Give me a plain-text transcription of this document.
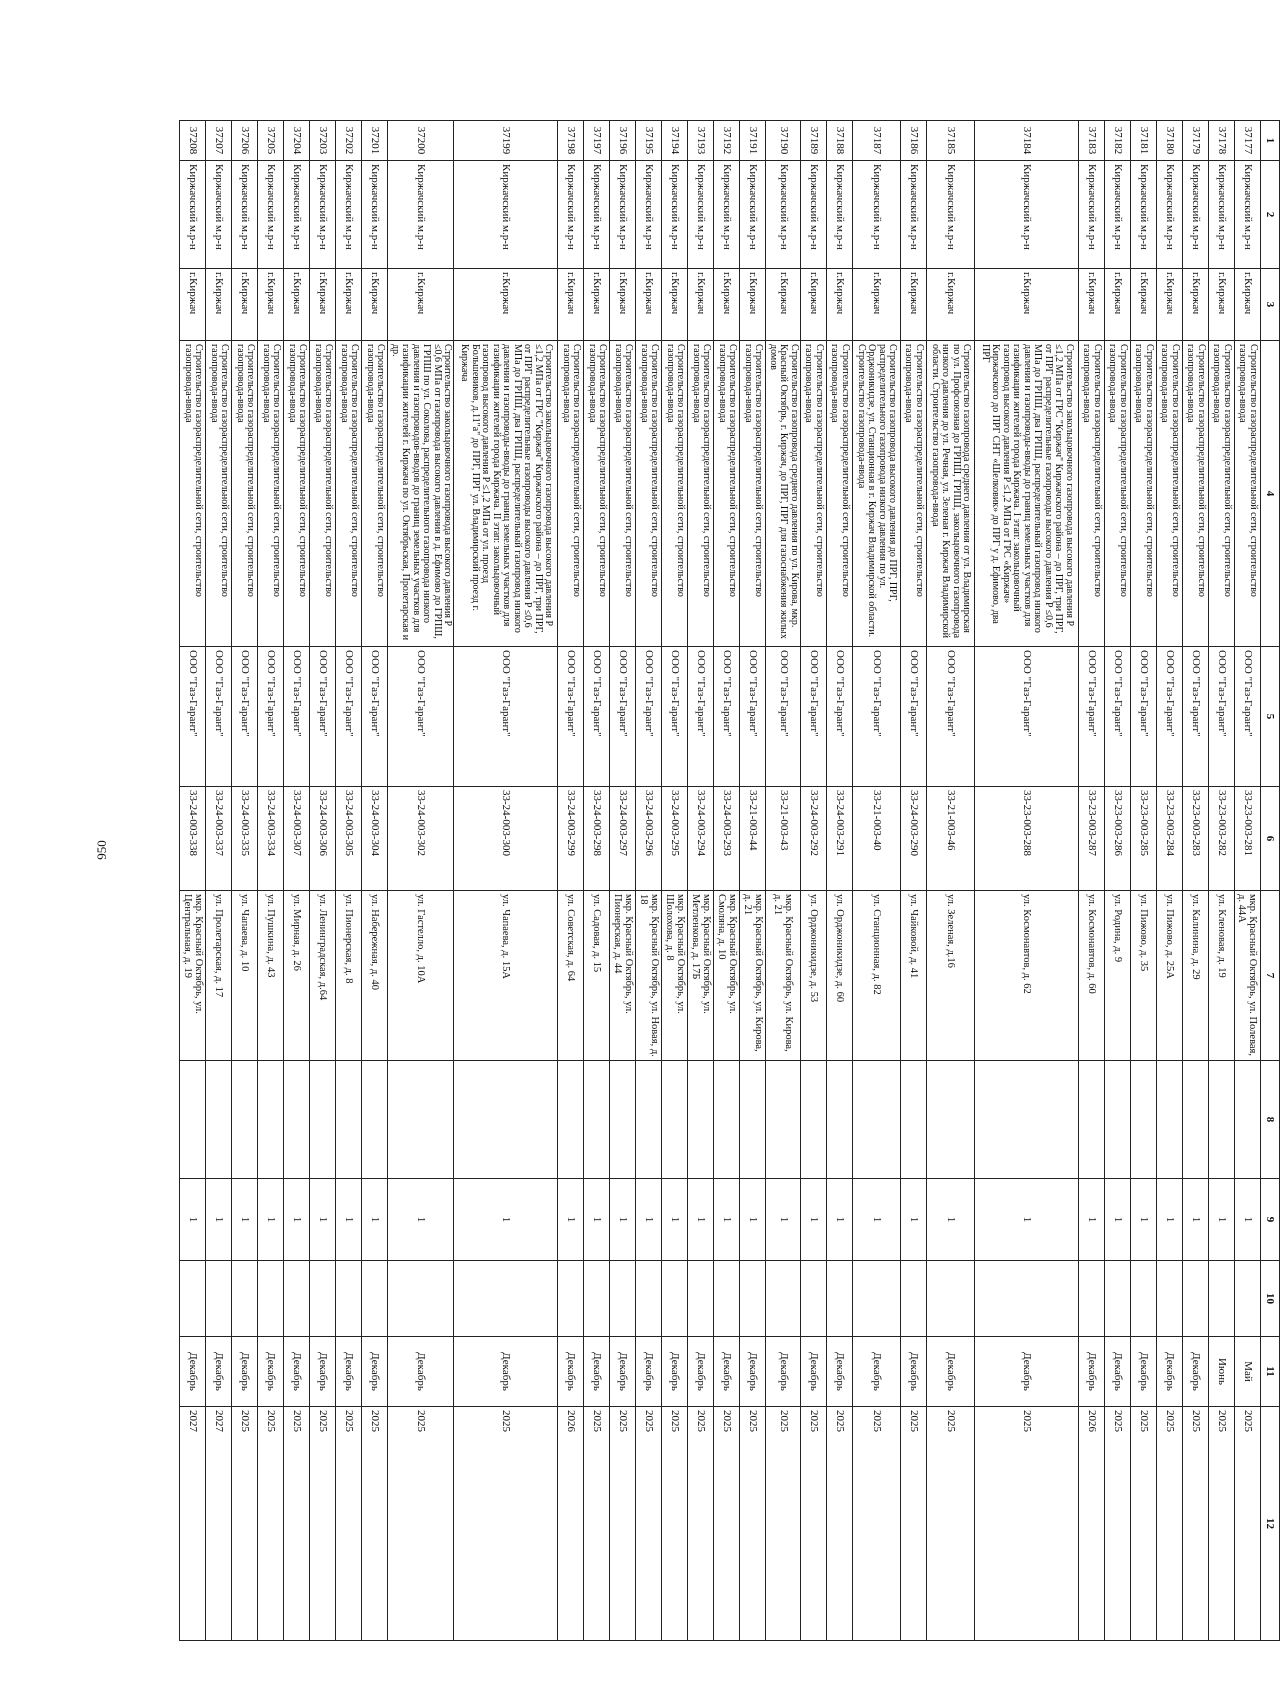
950
1	2	3	4	5	6	7	8	9	10	11	12
37177	Киржачский м.р-н	г.Киржач	Строительство газораспределительной сети, строительство газопровода-ввода	ООО "Газ-Гарант"	33-23-003-281	мкр. Красный Октябрь, ул. Полевая, д. 44А		1		Май	2025
37178	Киржачский м.р-н	г.Киржач	Строительство газораспределительной сети, строительство газопровода-ввода	ООО "Газ-Гарант"	33-23-003-282	ул. Кленовая, д. 19		1		Июнь	2025
37179	Киржачский м.р-н	г.Киржач	Строительство газораспределительной сети, строительство газопровода-ввода	ООО "Газ-Гарант"	33-23-003-283	ул. Калинина, д. 29		1		Декабрь	2025
37180	Киржачский м.р-н	г.Киржач	Строительство газораспределительной сети, строительство газопровода-ввода	ООО "Газ-Гарант"	33-23-003-284	ул. Пижово, д. 25А		1		Декабрь	2025
37181	Киржачский м.р-н	г.Киржач	Строительство газораспределительной сети, строительство газопровода-ввода	ООО "Газ-Гарант"	33-23-003-285	ул. Пижово, д. 35		1		Декабрь	2025
37182	Киржачский м.р-н	г.Киржач	Строительство газораспределительной сети, строительство газопровода-ввода	ООО "Газ-Гарант"	33-23-003-286	ул. Родина, д. 9		1		Декабрь	2025
37183	Киржачский м.р-н	г.Киржач	Строительство газораспределительной сети, строительство газопровода-ввода	ООО "Газ-Гарант"	33-23-003-287	ул. Космонавтов, д. 60		1		Декабрь	2026
37184	Киржачский м.р-н	г.Киржач	Строительство закольцовочного газопровода высокого давления P ≤1,2 МПа от ГРС "Киржач" Киржачского района – до ПРГ, три ПРГ, от ПРГ распределительные газопроводы высокого давления P ≤0,6 МПа до ГРПШ, два ГРПШ, распределительный газопровод низкого давления и газопроводы-вводы до границ земельных участков для газификации жителей города Киржача. I этап: закольцовочный газопровод высокого давления P ≤1,2 МПа от ГРС «Киржач» Киржачского до ПРГ СНТ «Шелковик» до ПРГ у д. Ефимово, два ПРГ	ООО "Газ-Гарант"	33-23-003-288	ул. Космонавтов, д. 62		1		Декабрь	2025
37185	Киржачский м.р-н	г.Киржач	Строительство газопровода среднего давления от ул. Владимирская по ул. Профсоюзная до ГРПШ, ГРПШ, закольцовочного газопровода низкого давления до ул. Речная, ул. Зеленая г. Киржач Владимирской области. Строительство газопровода-ввода	ООО "Газ-Гарант"	33-21-003-46	ул. Зеленая, д.16		1		Декабрь	2025
37186	Киржачский м.р-н	г.Киржач	Строительство газораспределительной сети, строительство газопровода-ввода	ООО "Газ-Гарант"	33-24-003-290	ул. Чайковой, д. 41		1		Декабрь	2025
37187	Киржачский м.р-н	г.Киржач	Строительство газопровода высокого давления до ПРГ, ПРГ, распределительного газопровода низкого давления по ул. Орджоникидзе, ул. Станционная в г. Киржач Владимирской области. Строительство газопровода-ввода	ООО "Газ-Гарант"	33-21-003-40	ул. Станционная, д. 82		1		Декабрь	2025
37188	Киржачский м.р-н	г.Киржач	Строительство газораспределительной сети, строительство газопровода-ввода	ООО "Газ-Гарант"	33-24-003-291	ул. Орджоникидзе, д. 60		1		Декабрь	2025
37189	Киржачский м.р-н	г.Киржач	Строительство газораспределительной сети, строительство газопровода-ввода	ООО "Газ-Гарант"	33-24-003-292	ул. Орджоникидзе, д. 53		1		Декабрь	2025
37190	Киржачский м.р-н	г.Киржач	Строительство газопровода среднего давления по ул. Кирова, мкр. Красный Октябрь, г. Киржач, до ПРГ, ПРГ для газоснабжения жилых домов	ООО "Газ-Гарант"	33-21-003-43	мкр. Красный Октябрь, ул. Кирова, д. 21		1		Декабрь	2025
37191	Киржачский м.р-н	г.Киржач	Строительство газораспределительной сети, строительство газопровода-ввода	ООО "Газ-Гарант"	33-21-003-44	мкр. Красный Октябрь, ул. Кирова, д. 21		1		Декабрь	2025
37192	Киржачский м.р-н	г.Киржач	Строительство газораспределительной сети, строительство газопровода-ввода	ООО "Газ-Гарант"	33-24-003-293	мкр. Красный Октябрь, ул. Смоляна, д. 10		1		Декабрь	2025
37193	Киржачский м.р-н	г.Киржач	Строительство газораспределительной сети, строительство газопровода-ввода	ООО "Газ-Гарант"	33-24-003-294	мкр. Красный Октябрь, ул. Метленкова, д. 17Б		1		Декабрь	2025
37194	Киржачский м.р-н	г.Киржач	Строительство газораспределительной сети, строительство газопровода-ввода	ООО "Газ-Гарант"	33-24-003-295	мкр. Красный Октябрь, ул. Шолохова, д. 8		1		Декабрь	2025
37195	Киржачский м.р-н	г.Киржач	Строительство газораспределительной сети, строительство газопровода-ввода	ООО "Газ-Гарант"	33-24-003-296	мкр. Красный Октябрь, ул. Новая, д. 18		1		Декабрь	2025
37196	Киржачский м.р-н	г.Киржач	Строительство газораспределительной сети, строительство газопровода-ввода	ООО "Газ-Гарант"	33-24-003-297	мкр. Красный Октябрь, ул. Пионерская, д. 44		1		Декабрь	2025
37197	Киржачский м.р-н	г.Киржач	Строительство газораспределительной сети, строительство газопровода-ввода	ООО "Газ-Гарант"	33-24-003-298	ул. Садовая, д. 15		1		Декабрь	2025
37198	Киржачский м.р-н	г.Киржач	Строительство газораспределительной сети, строительство газопровода-ввода	ООО "Газ-Гарант"	33-24-003-299	ул. Советская, д. 64		1		Декабрь	2026
37199	Киржачский м.р-н	г.Киржач	Строительство закольцовочного газопровода высокого давления P ≤1,2 МПа от ГРС "Киржач" Киржачского района – до ПРГ, три ПРГ, от ПРГ распределительные газопроводы высокого давления P ≤0,6 МПа до ГРПШ, два ГРПШ, распределительный газопровод низкого давления и газопроводы-вводы до границ земельных участков для газификации жителей города Киржача. II этап: закольцовочный газопровод высокого давления P ≤1,2 МПа от ул. проезд Большевиков, д.11"а" до ПРГ, ПРГ ул. Владимирский проезд г. Киржача	ООО "Газ-Гарант"	33-24-003-300	ул. Чапаева, д. 15А		1		Декабрь	2025
37200	Киржачский м.р-н	г.Киржач	Строительство закольцовочного газопровода высокого давления P ≤0,6 МПа от газопровода высокого давления в д. Ефимово до ГРПШ, ГРПШ по ул. Соколова, распределительного газопровода низкого давления и газопроводов-вводов до границ земельных участков для газификации жителей г. Киржача по ул. Октябрьская, Пролетарская и др.	ООО "Газ-Гарант"	33-24-003-302	ул. Гастелло, д. 10А		1		Декабрь	2025
37201	Киржачский м.р-н	г.Киржач	Строительство газораспределительной сети, строительство газопровода-ввода	ООО "Газ-Гарант"	33-24-003-304	ул. Набережная, д. 40		1		Декабрь	2025
37202	Киржачский м.р-н	г.Киржач	Строительство газораспределительной сети, строительство газопровода-ввода	ООО "Газ-Гарант"	33-24-003-305	ул. Пионерская, д. 8		1		Декабрь	2025
37203	Киржачский м.р-н	г.Киржач	Строительство газораспределительной сети, строительство газопровода-ввода	ООО "Газ-Гарант"	33-24-003-306	ул. Ленинградская, д.64		1		Декабрь	2025
37204	Киржачский м.р-н	г.Киржач	Строительство газораспределительной сети, строительство газопровода-ввода	ООО "Газ-Гарант"	33-24-003-307	ул. Мирная, д. 26		1		Декабрь	2025
37205	Киржачский м.р-н	г.Киржач	Строительство газораспределительной сети, строительство газопровода-ввода	ООО "Газ-Гарант"	33-24-003-334	ул. Пушкина, д. 43		1		Декабрь	2025
37206	Киржачский м.р-н	г.Киржач	Строительство газораспределительной сети, строительство газопровода-ввода	ООО "Газ-Гарант"	33-24-003-335	ул. Чапаева, д. 10		1		Декабрь	2025
37207	Киржачский м.р-н	г.Киржач	Строительство газораспределительной сети, строительство газопровода-ввода	ООО "Газ-Гарант"	33-24-003-337	ул. Пролетарская, д. 17		1		Декабрь	2027
37208	Киржачский м.р-н	г.Киржач	Строительство газораспределительной сети, строительство газопровода-ввода	ООО "Газ-Гарант"	33-24-003-338	мкр. Красный Октябрь, ул. Центральная, д. 19		1		Декабрь	2027
